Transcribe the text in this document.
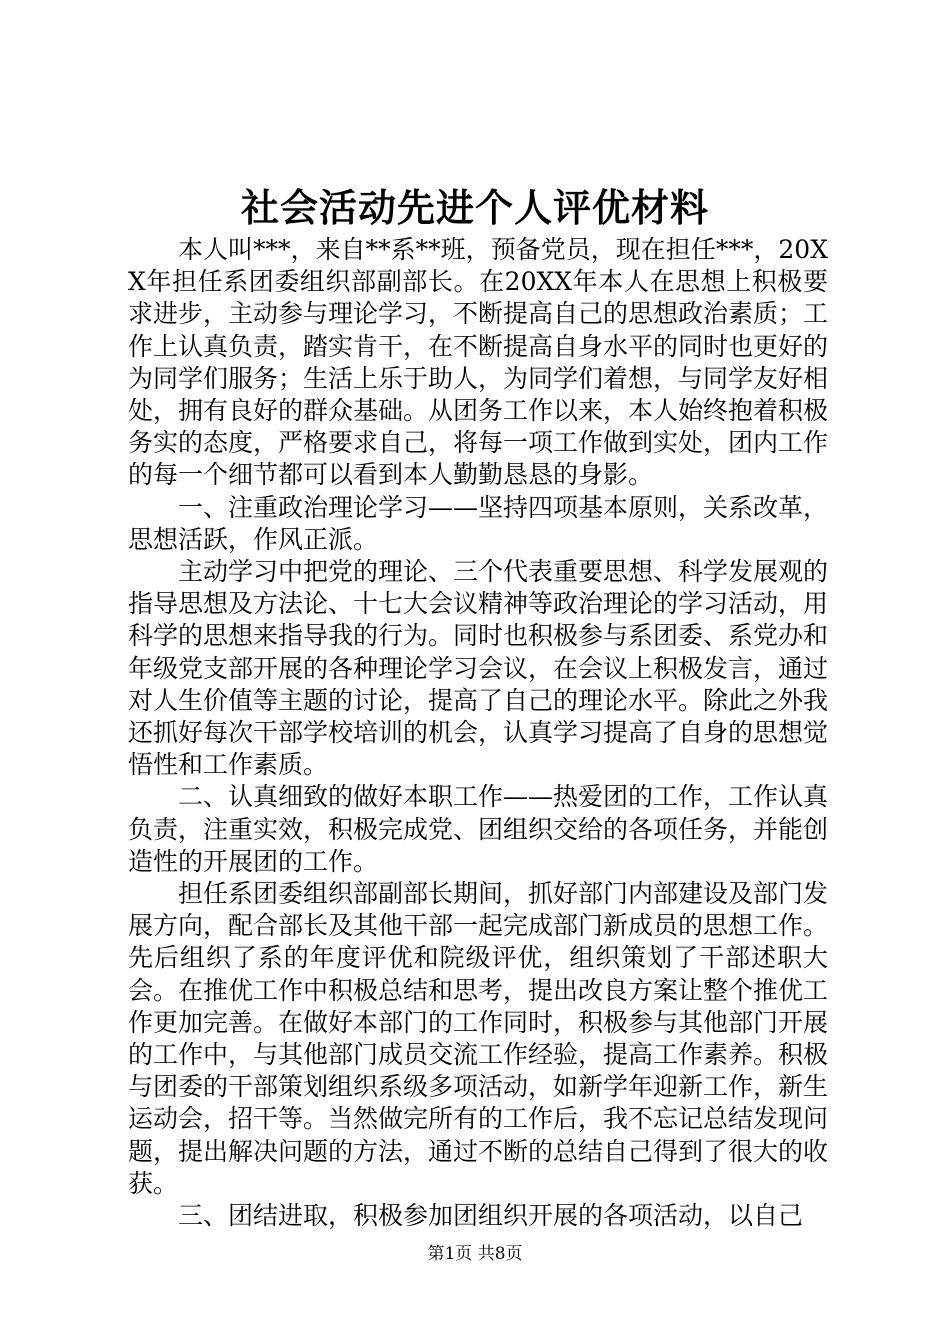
社会活动先进个人评优材料

本人叫***，来自**系**班，预备党员，现在担任***，20XX年担任系团委组织部副部长。在20XX年本人在思想上积极要求进步，主动参与理论学习，不断提高自己的思想政治素质；工作上认真负责，踏实肯干，在不断提高自身水平的同时也更好的为同学们服务；生活上乐于助人，为同学们着想，与同学友好相处，拥有良好的群众基础。从团务工作以来，本人始终抱着积极务实的态度，严格要求自己，将每一项工作做到实处，团内工作的每一个细节都可以看到本人勤勤恳恳的身影。

一、注重政治理论学习——坚持四项基本原则，关系改革，思想活跃，作风正派。

主动学习中把党的理论、三个代表重要思想、科学发展观的指导思想及方法论、十七大会议精神等政治理论的学习活动，用科学的思想来指导我的行为。同时也积极参与系团委、系党办和年级党支部开展的各种理论学习会议，在会议上积极发言，通过对人生价值等主题的讨论，提高了自己的理论水平。除此之外我还抓好每次干部学校培训的机会，认真学习提高了自身的思想觉悟性和工作素质。

二、认真细致的做好本职工作——热爱团的工作，工作认真负责，注重实效，积极完成党、团组织交给的各项任务，并能创造性的开展团的工作。

担任系团委组织部副部长期间，抓好部门内部建设及部门发展方向，配合部长及其他干部一起完成部门新成员的思想工作。先后组织了系的年度评优和院级评优，组织策划了干部述职大会。在推优工作中积极总结和思考，提出改良方案让整个推优工作更加完善。在做好本部门的工作同时，积极参与其他部门开展的工作中，与其他部门成员交流工作经验，提高工作素养。积极与团委的干部策划组织系级多项活动，如新学年迎新工作，新生运动会，招干等。当然做完所有的工作后，我不忘记总结发现问题，提出解决问题的方法，通过不断的总结自己得到了很大的收获。

三、团结进取，积极参加团组织开展的各项活动，以自己

第1页 共8页
